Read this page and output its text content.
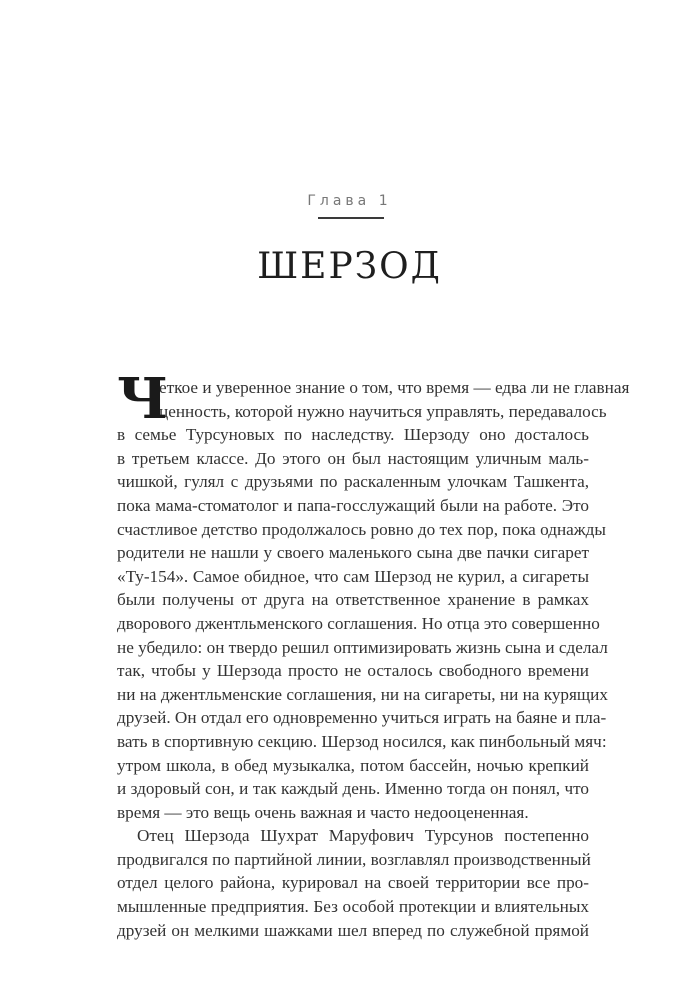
Глава 1
ШЕРЗОД
Ч
еткое и уверенное знание о том, что время — едва ли не главная
ценность, которой нужно научиться управлять, передавалось
в семье Турсуновых по наследству. Шерзоду оно досталось
в третьем классе. До этого он был настоящим уличным маль-
чишкой, гулял с друзьями по раскаленным улочкам Ташкента,
пока мама-стоматолог и папа-госслужащий были на работе. Это
счастливое детство продолжалось ровно до тех пор, пока однажды
родители не нашли у своего маленького сына две пачки сигарет
«Ту-154». Самое обидное, что сам Шерзод не курил, а сигареты
были получены от друга на ответственное хранение в рамках
дворового джентльменского соглашения. Но отца это совершенно
не убедило: он твердо решил оптимизировать жизнь сына и сделал
так, чтобы у Шерзода просто не осталось свободного времени
ни на джентльменские соглашения, ни на сигареты, ни на курящих
друзей. Он отдал его одновременно учиться играть на баяне и пла-
вать в спортивную секцию. Шерзод носился, как пинбольный мяч:
утром школа, в обед музыкалка, потом бассейн, ночью крепкий
и здоровый сон, и так каждый день. Именно тогда он понял, что
время — это вещь очень важная и часто недооцененная.
Отец Шерзода Шухрат Маруфович Турсунов постепенно
продвигался по партийной линии, возглавлял производственный
отдел целого района, курировал на своей территории все про-
мышленные предприятия. Без особой протекции и влиятельных
друзей он мелкими шажками шел вперед по служебной прямой
